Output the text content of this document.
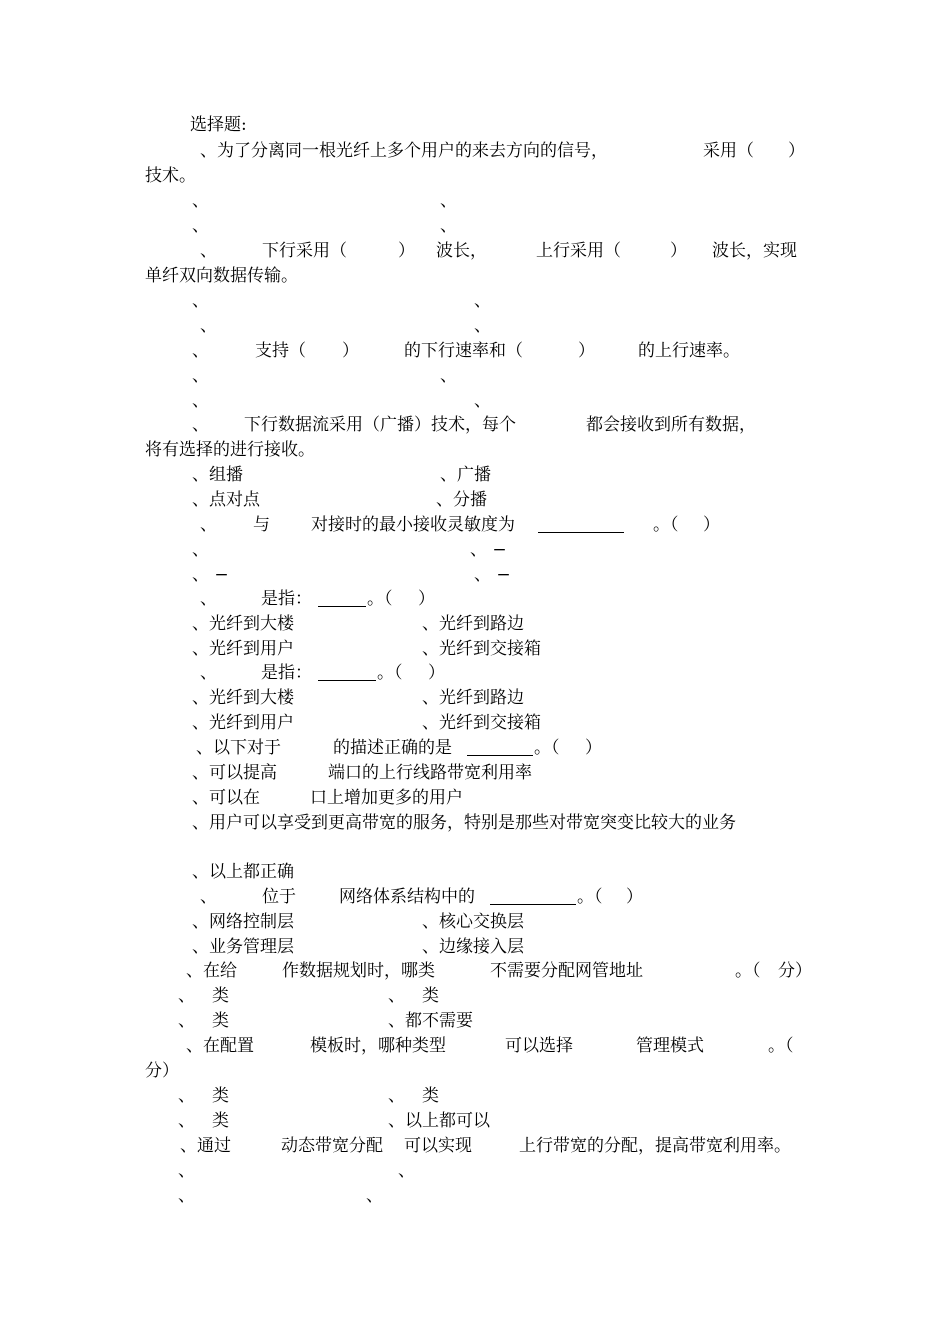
选择题:
、为了分离同一根光纤上多个用户的来去方向的信号，	采用（ ）
技术。
、	、
、	、
、	下行采用（	） 波长，	上行采用（	） 波长，实现
单纤双向数据传输。
、	、
、	、
、	支持（ ）	的下行速率和（	）	的上行速率。
、	、
、	、
、 下行数据流采用（广播）技术，每个	都会接收到所有数据，
将有选择的进行接收。
、组播	、广播
、点对点	、分播
、 与 对接时的最小接收灵敏度为	。（ ）
、	、 −
、 −	、 −
、	是指：	。（ ）
、光纤到大楼	、光纤到路边
、光纤到用户	、光纤到交接箱
、	是指：	。（ ）
、光纤到大楼	、光纤到路边
、光纤到用户	、光纤到交接箱
、以下对于	的描述正确的是	。（ ）
、可以提高	端口的上行线路带宽利用率
、可以在	口上增加更多的用户
、用户可以享受到更高带宽的服务，特别是那些对带宽突变比较大的业务
、以上都正确
、	位于	网络体系结构中的	。（ ）
、网络控制层	、核心交换层
、业务管理层	、边缘接入层
、在给	作数据规划时，哪类	不需要分配网管地址	。（ 分）
、 类	、 类
、 类	、都不需要
、在配置	模板时，哪种类型	可以选择	管理模式	。（
分）
、 类	、 类
、 类	、以上都可以
、通过	动态带宽分配 可以实现	上行带宽的分配，提高带宽利用率。
、	、
、	、
